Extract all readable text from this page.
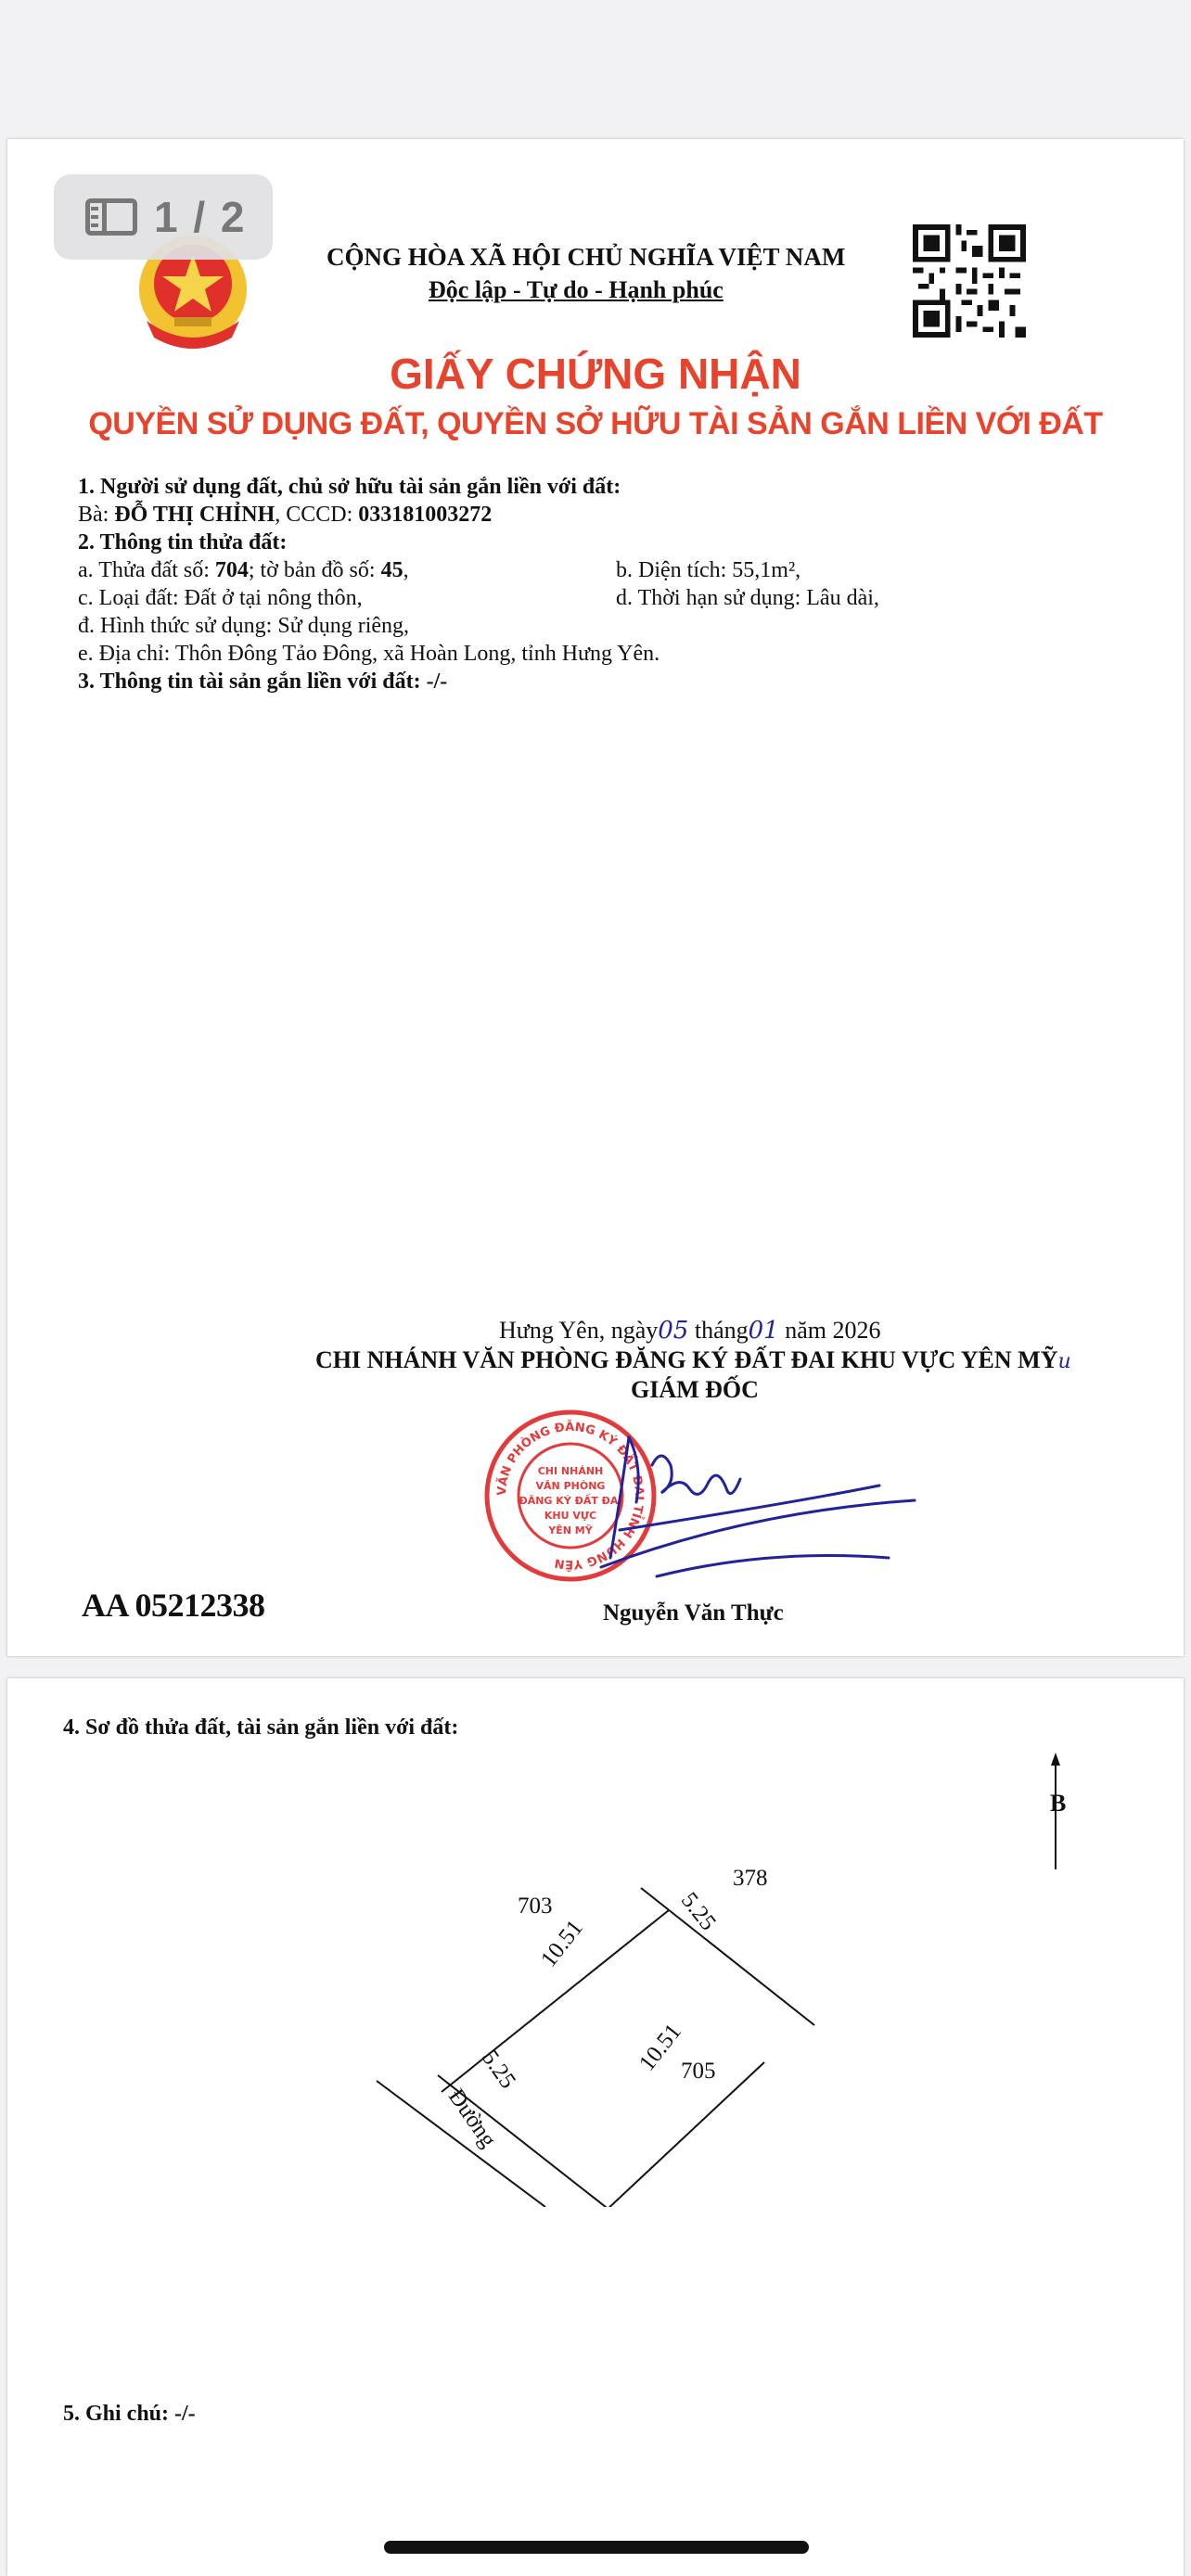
CỘNG HÒA XÃ HỘI CHỦ NGHĨA VIỆT NAM
Độc lập - Tự do - Hạnh phúc
GIẤY CHỨNG NHẬN
QUYỀN SỬ DỤNG ĐẤT, QUYỀN SỞ HỮU TÀI SẢN GẮN LIỀN VỚI ĐẤT
1. Người sử dụng đất, chủ sở hữu tài sản gắn liền với đất:
Bà: ĐỖ THỊ CHỈNH, CCCD: 033181003272
2. Thông tin thửa đất:
a. Thửa đất số: 704; tờ bản đồ số: 45,	b. Diện tích: 55,1m²,
c. Loại đất: Đất ở tại nông thôn,	d. Thời hạn sử dụng: Lâu dài,
đ. Hình thức sử dụng: Sử dụng riêng,
e. Địa chỉ: Thôn Đông Tảo Đông, xã Hoàn Long, tỉnh Hưng Yên.
3. Thông tin tài sản gắn liền với đất: -/-
Hưng Yên, ngày05 tháng01 năm 2026
CHI NHÁNH VĂN PHÒNG ĐĂNG KÝ ĐẤT ĐAI KHU VỰC YÊN MỸu
GIÁM ĐỐC
VĂN PHÒNG ĐĂNG KÝ ĐẤT ĐAI TỈNH HƯNG YÊN
CHI NHÁNH
VĂN PHÒNG
ĐĂNG KÝ ĐẤT ĐAI
KHU VỰC
YÊN MỸ
AA 05212338	Nguyễn Văn Thực
1 / 2
4. Sơ đồ thửa đất, tài sản gắn liền với đất:
B
703
378
705
10.51
5.25
10.51
5.25
Đường
5. Ghi chú: -/-
